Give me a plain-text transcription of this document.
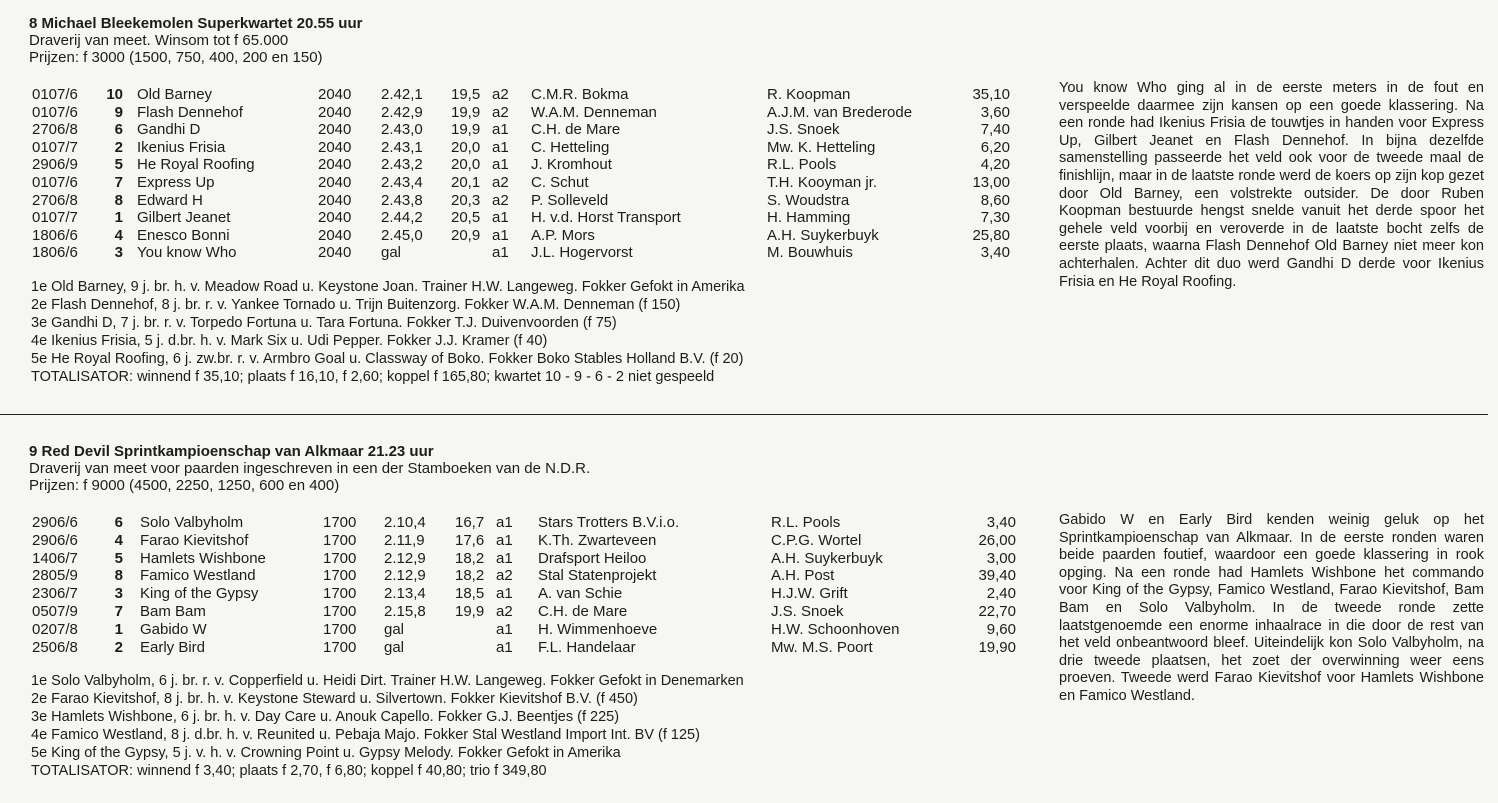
8 Michael Bleekemolen Superkwartet 20.55 uur
Draverij van meet. Winsom tot f 65.000
Prijzen: f 3000 (1500, 750, 400, 200 en 150)
0107/6	10 Old Barney	2040 2.42,1 19,5 a2 C.M.R. Bokma	R. Koopman	35,10
0107/6	9 Flash Dennehof	2040 2.42,9 19,9 a2 W.A.M. Denneman	A.J.M. van Brederode	3,60
2706/8	6 Gandhi D	2040 2.43,0 19,9 a1 C.H. de Mare	J.S. Snoek	7,40
0107/7	2 Ikenius Frisia	2040 2.43,1 20,0 a1 C. Hetteling	Mw. K. Hetteling	6,20
2906/9	5 He Royal Roofing	2040 2.43,2 20,0 a1 J. Kromhout	R.L. Pools	4,20
0107/6	7 Express Up	2040 2.43,4 20,1 a2 C. Schut	T.H. Kooyman jr.	13,00
2706/8	8 Edward H	2040 2.43,8 20,3 a2 P. Solleveld	S. Woudstra	8,60
0107/7	1 Gilbert Jeanet	2040 2.44,2 20,5 a1 H. v.d. Horst Transport	H. Hamming	7,30
1806/6	4 Enesco Bonni	2040 2.45,0 20,9 a1 A.P. Mors	A.H. Suykerbuyk	25,80
1806/6	3 You know Who	2040 gal	a1 J.L. Hogervorst	M. Bouwhuis	3,40
1e Old Barney, 9 j. br. h. v. Meadow Road u. Keystone Joan. Trainer H.W. Langeweg. Fokker Gefokt in Amerika
2e Flash Dennehof, 8 j. br. r. v. Yankee Tornado u. Trijn Buitenzorg. Fokker W.A.M. Denneman (f 150)
3e Gandhi D, 7 j. br. r. v. Torpedo Fortuna u. Tara Fortuna. Fokker T.J. Duivenvoorden (f 75)
4e Ikenius Frisia, 5 j. d.br. h. v. Mark Six u. Udi Pepper. Fokker J.J. Kramer (f 40)
5e He Royal Roofing, 6 j. zw.br. r. v. Armbro Goal u. Classway of Boko. Fokker Boko Stables Holland B.V. (f 20)
TOTALISATOR: winnend f 35,10; plaats f 16,10, f 2,60; koppel f 165,80; kwartet 10 - 9 - 6 - 2 niet gespeeld
You know Who ging al in de eerste meters in de fout en verspeelde daarmee zijn kansen op een goede klassering. Na een ronde had Ikenius Frisia de touwtjes in handen voor Express Up, Gilbert Jeanet en Flash Dennehof. In bijna dezelfde samenstelling passeerde het veld ook voor de tweede maal de finishlijn, maar in de laatste ronde werd de koers op zijn kop gezet door Old Barney, een volstrekte outsider. De door Ruben Koopman bestuurde hengst snelde vanuit het derde spoor het gehele veld voorbij en veroverde in de laatste bocht zelfs de eerste plaats, waarna Flash Dennehof Old Barney niet meer kon achterhalen. Achter dit duo werd Gandhi D derde voor Ikenius Frisia en He Royal Roofing.
9 Red Devil Sprintkampioenschap van Alkmaar 21.23 uur
Draverij van meet voor paarden ingeschreven in een der Stamboeken van de N.D.R.
Prijzen: f 9000 (4500, 2250, 1250, 600 en 400)
2906/6	6 Solo Valbyholm	1700 2.10,4 16,7 a1 Stars Trotters B.V.i.o.	R.L. Pools	3,40
2906/6	4 Farao Kievitshof	1700 2.11,9 17,6 a1 K.Th. Zwarteveen	C.P.G. Wortel	26,00
1406/7	5 Hamlets Wishbone	1700 2.12,9 18,2 a1 Drafsport Heiloo	A.H. Suykerbuyk	3,00
2805/9	8 Famico Westland	1700 2.12,9 18,2 a2 Stal Statenprojekt	A.H. Post	39,40
2306/7	3 King of the Gypsy	1700 2.13,4 18,5 a1 A. van Schie	H.J.W. Grift	2,40
0507/9	7 Bam Bam	1700 2.15,8 19,9 a2 C.H. de Mare	J.S. Snoek	22,70
0207/8	1 Gabido W	1700 gal	a1 H. Wimmenhoeve	H.W. Schoonhoven	9,60
2506/8	2 Early Bird	1700 gal	a1 F.L. Handelaar	Mw. M.S. Poort	19,90
1e Solo Valbyholm, 6 j. br. r. v. Copperfield u. Heidi Dirt. Trainer H.W. Langeweg. Fokker Gefokt in Denemarken
2e Farao Kievitshof, 8 j. br. h. v. Keystone Steward u. Silvertown. Fokker Kievitshof B.V. (f 450)
3e Hamlets Wishbone, 6 j. br. h. v. Day Care u. Anouk Capello. Fokker G.J. Beentjes (f 225)
4e Famico Westland, 8 j. d.br. h. v. Reunited u. Pebaja Majo. Fokker Stal Westland Import Int. BV (f 125)
5e King of the Gypsy, 5 j. v. h. v. Crowning Point u. Gypsy Melody. Fokker Gefokt in Amerika
TOTALISATOR: winnend f 3,40; plaats f 2,70, f 6,80; koppel f 40,80; trio f 349,80
Gabido W en Early Bird kenden weinig geluk op het Sprintkampioenschap van Alkmaar. In de eerste ronden waren beide paarden foutief, waardoor een goede klassering in rook opging. Na een ronde had Hamlets Wishbone het commando voor King of the Gypsy, Famico Westland, Farao Kievitshof, Bam Bam en Solo Valbyholm. In de tweede ronde zette laatstgenoemde een enorme inhaalrace in die door de rest van het veld onbeantwoord bleef. Uiteindelijk kon Solo Valbyholm, na drie tweede plaatsen, het zoet der overwinning weer eens proeven. Tweede werd Farao Kievitshof voor Hamlets Wishbone en Famico Westland.
